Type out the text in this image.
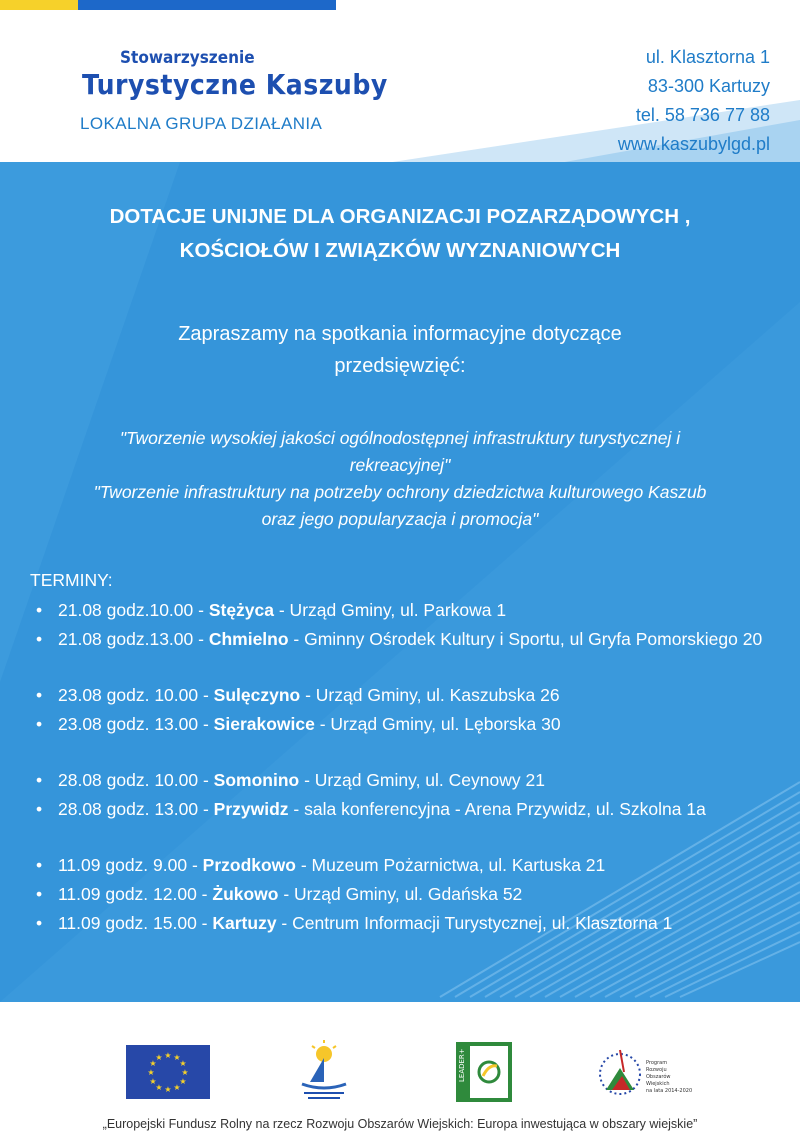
Stowarzyszenie
Turystyczne Kaszuby
LOKALNA GRUPA DZIAŁANIA
ul. Klasztorna 1
83-300 Kartuzy
tel. 58 736 77 88
www.kaszubylgd.pl
DOTACJE UNIJNE DLA ORGANIZACJI POZARZĄDOWYCH ,
KOŚCIOŁÓW I ZWIĄZKÓW WYZNANIOWYCH
Zapraszamy na spotkania informacyjne dotyczące
przedsięwzięć:
"Tworzenie wysokiej jakości ogólnodostępnej infrastruktury turystycznej i
rekreacyjnej"
"Tworzenie infrastruktury na potrzeby ochrony dziedzictwa kulturowego Kaszub
oraz jego popularyzacja i promocja"
TERMINY:
• 21.08 godz.10.00 - Stężyca - Urząd Gminy, ul. Parkowa 1
• 21.08 godz.13.00 - Chmielno - Gminny Ośrodek Kultury i Sportu, ul Gryfa Pomorskiego 20
• 23.08 godz. 10.00 - Sulęczyno - Urząd Gminy, ul. Kaszubska 26
• 23.08 godz. 13.00 - Sierakowice - Urząd Gminy, ul. Lęborska 30
• 28.08 godz. 10.00 - Somonino - Urząd Gminy, ul. Ceynowy 21
• 28.08 godz. 13.00 - Przywidz - sala konferencyjna - Arena Przywidz, ul. Szkolna 1a
• 11.09 godz. 9.00 - Przodkowo - Muzeum Pożarnictwa, ul. Kartuska 21
• 11.09 godz. 12.00 - Żukowo - Urząd Gminy, ul. Gdańska 52
• 11.09 godz. 15.00 - Kartuzy - Centrum Informacji Turystycznej, ul. Klasztorna 1
★ ★
★
★
★
★
★
★
★
★
★
★	LEADER+	Program
Rozwoju
Obszarów
Wiejskich
na lata 2014-2020
„Europejski Fundusz Rolny na rzecz Rozwoju Obszarów Wiejskich: Europa inwestująca w obszary wiejskie”
